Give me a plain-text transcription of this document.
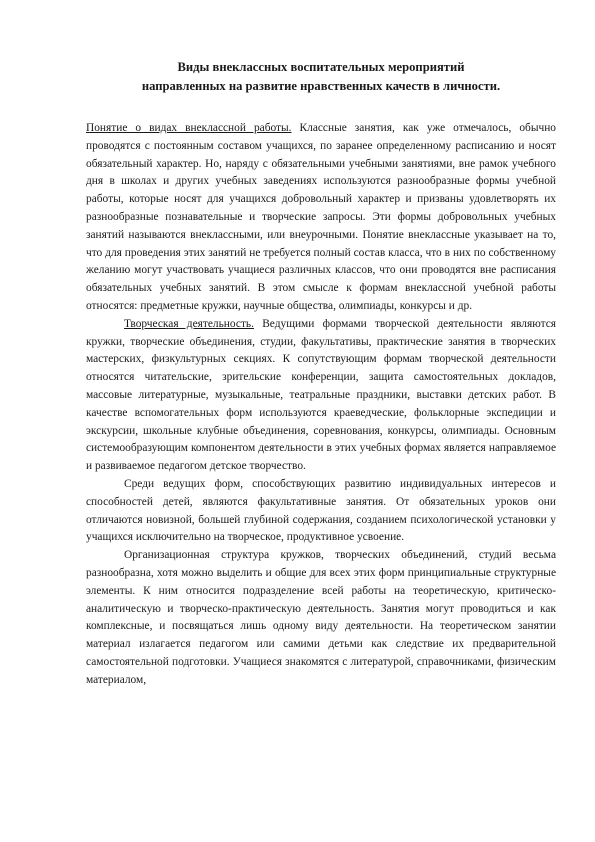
Виды внеклассных воспитательных мероприятий
направленных на развитие нравственных качеств в личности.

Понятие о видах внеклассной работы. Классные занятия, как уже отмечалось, обычно проводятся с постоянным составом учащихся, по заранее определенному расписанию и носят обязательный характер. Но, наряду с обязательными учебными занятиями, вне рамок учебного дня в школах и других учебных заведениях используются разнообразные формы учебной работы, которые носят для учащихся добровольный характер и призваны удовлетворять их разнообразные познавательные и творческие запросы. Эти формы добровольных учебных занятий называются внеклассными, или внеурочными. Понятие внеклассные указывает на то, что для проведения этих занятий не требуется полный состав класса, что в них по собственному желанию могут участвовать учащиеся различных классов, что они проводятся вне расписания обязательных учебных занятий. В этом смысле к формам внеклассной учебной работы относятся: предметные кружки, научные общества, олимпиады, конкурсы и др.

Творческая деятельность. Ведущими формами творческой деятельности являются кружки, творческие объединения, студии, факультативы, практические занятия в творческих мастерских, физкультурных секциях. К сопутствующим формам творческой деятельности относятся читательские, зрительские конференции, защита самостоятельных докладов, массовые литературные, музыкальные, театральные праздники, выставки детских работ. В качестве вспомогательных форм используются краеведческие, фольклорные экспедиции и экскурсии, школьные клубные объединения, соревнования, конкурсы, олимпиады. Основным системообразующим компонентом деятельности в этих учебных формах является направляемое и развиваемое педагогом детское творчество.

Среди ведущих форм, способствующих развитию индивидуальных интересов и способностей детей, являются факультативные занятия. От обязательных уроков они отличаются новизной, большей глубиной содержания, созданием психологической установки у учащихся исключительно на творческое, продуктивное усвоение.

Организационная структура кружков, творческих объединений, студий весьма разнообразна, хотя можно выделить и общие для всех этих форм принципиальные структурные элементы. К ним относится подразделение всей работы на теоретическую, критическо-аналитическую и творческо-практическую деятельность. Занятия могут проводиться и как комплексные, и посвящаться лишь одному виду деятельности. На теоретическом занятии материал излагается педагогом или самими детьми как следствие их предварительной самостоятельной подготовки. Учащиеся знакомятся с литературой, справочниками, физическим материалом,
